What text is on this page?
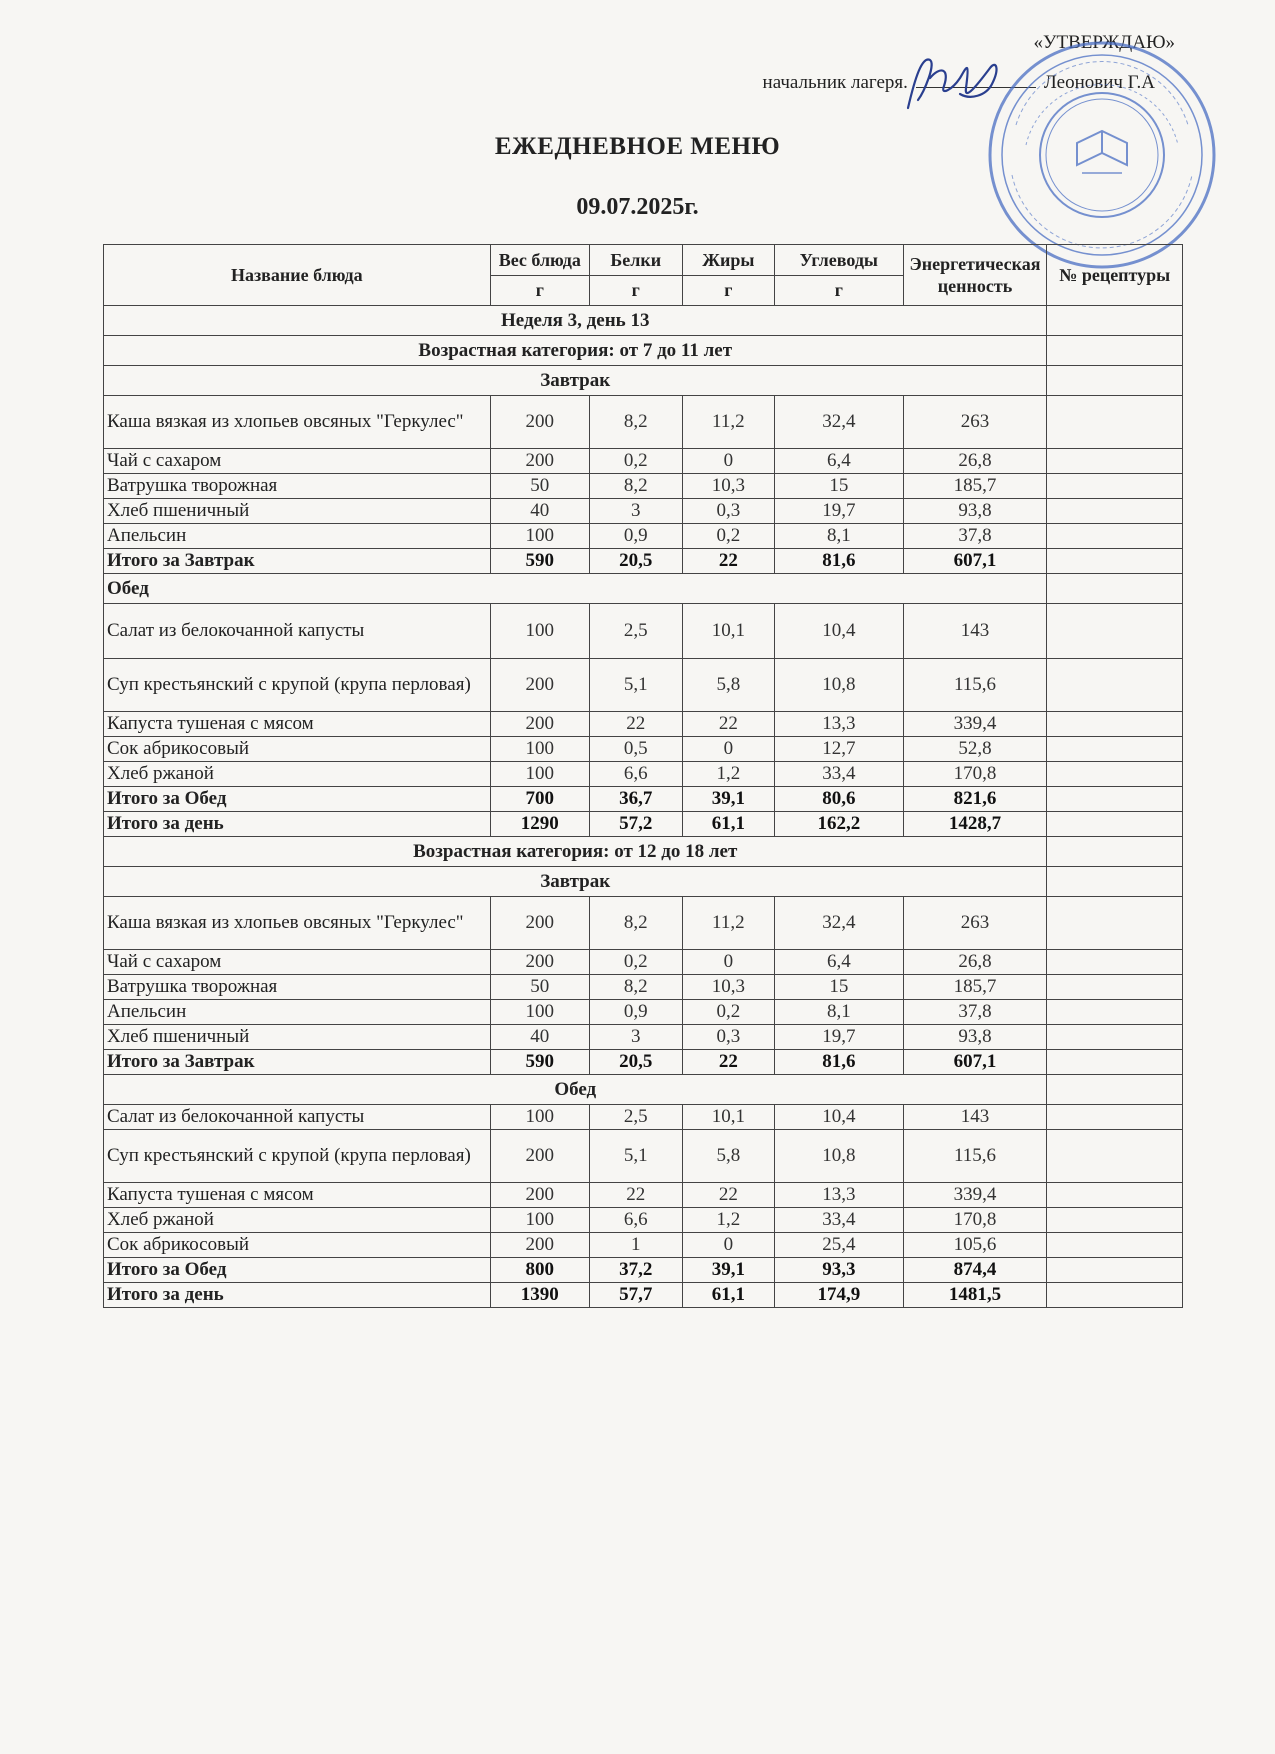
«УТВЕРЖДАЮ»
начальник лагеря.	Леонович Г.А
ЕЖЕДНЕВНОЕ МЕНЮ
09.07.2025г.
Название блюда	Вес блюда	Белки	Жиры	Углеводы	Энергетическая ценность	№ рецептуры
	г	г	г	г		
Неделя 3, день 13						
Возрастная категория: от 7 до 11 лет						
Завтрак						
Каша вязкая из хлопьев овсяных "Геркулес"	200	8,2	11,2	32,4	263	
Чай с сахаром	200	0,2	0	6,4	26,8	
Ватрушка творожная	50	8,2	10,3	15	185,7	
Хлеб пшеничный	40	3	0,3	19,7	93,8	
Апельсин	100	0,9	0,2	8,1	37,8	
Итого за Завтрак	590	20,5	22	81,6	607,1	
Обед						
Салат из белокочанной капусты	100	2,5	10,1	10,4	143	
Суп крестьянский с крупой (крупа перловая)	200	5,1	5,8	10,8	115,6	
Капуста тушеная с мясом	200	22	22	13,3	339,4	
Сок абрикосовый	100	0,5	0	12,7	52,8	
Хлеб ржаной	100	6,6	1,2	33,4	170,8	
Итого за Обед	700	36,7	39,1	80,6	821,6	
Итого за день	1290	57,2	61,1	162,2	1428,7	
Возрастная категория: от 12 до 18 лет						
Завтрак						
Каша вязкая из хлопьев овсяных "Геркулес"	200	8,2	11,2	32,4	263	
Чай с сахаром	200	0,2	0	6,4	26,8	
Ватрушка творожная	50	8,2	10,3	15	185,7	
Апельсин	100	0,9	0,2	8,1	37,8	
Хлеб пшеничный	40	3	0,3	19,7	93,8	
Итого за Завтрак	590	20,5	22	81,6	607,1	
Обед						
Салат из белокочанной капусты	100	2,5	10,1	10,4	143	
Суп крестьянский с крупой (крупа перловая)	200	5,1	5,8	10,8	115,6	
Капуста тушеная с мясом	200	22	22	13,3	339,4	
Хлеб ржаной	100	6,6	1,2	33,4	170,8	
Сок абрикосовый	200	1	0	25,4	105,6	
Итого за Обед	800	37,2	39,1	93,3	874,4	
Итого за день	1390	57,7	61,1	174,9	1481,5	
